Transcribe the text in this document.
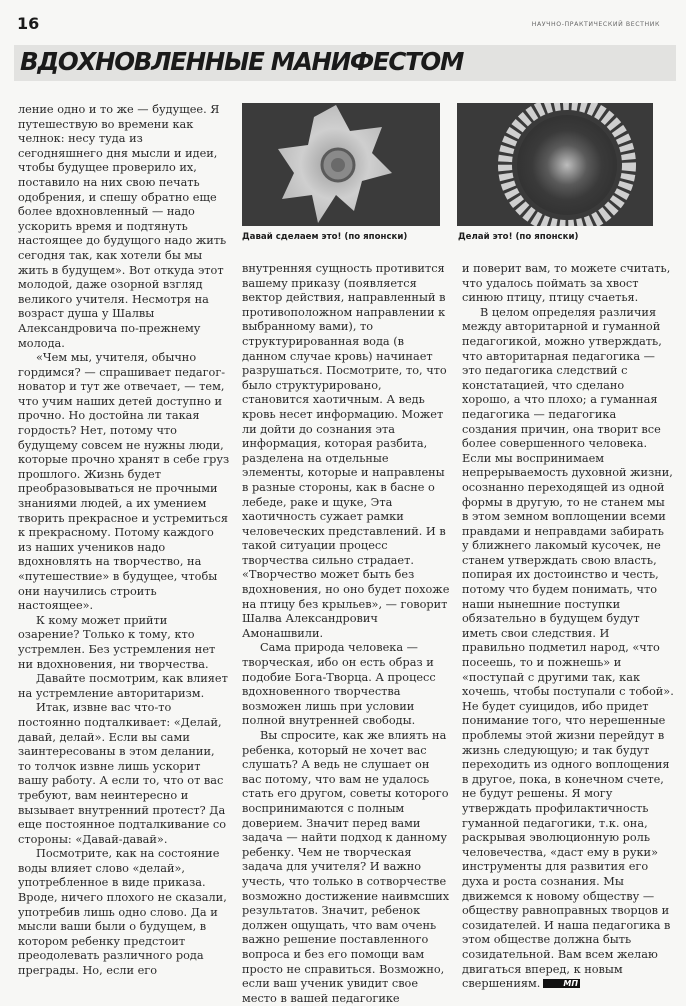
16	НАУЧНО-ПРАКТИЧЕСКИЙ ВЕСТНИК
ВДОХНОВЛЕННЫЕ МАНИФЕСТОМ

ление одно и то же — будущее. Я путешествую во времени как челнок: несу туда из сегодняшнего дня мысли и идеи, чтобы будущее проверило их, поставило на них свою печать одобрения, и спешу обратно еще более вдохновленный — надо ускорить время и подтянуть настоящее до будущого надо жить сегодня так, как хотели бы мы жить в будущем». Вот откуда этот молодой, даже озорной взгляд великого учителя. Несмотря на возраст душа у Шалвы Александровича по-прежнему молода.

«Чем мы, учителя, обычно гордимся? — спрашивает педагог-новатор и тут же отвечает, — тем, что учим наших детей доступно и прочно. Но достойна ли такая гордость? Нет, потому что будущему совсем не нужны люди, которые прочно хранят в себе груз прошлого. Жизнь будет преобразовываться не прочными знаниями людей, а их умением творить прекрасное и устремиться к прекрасному. Потому каждого из наших учеников надо вдохновлять на творчество, на «путешествие» в будущее, чтобы они научились строить настоящее».

К кому может прийти озарение? Только к тому, кто устремлен. Без устремления нет ни вдохновения, ни творчества.

Давайте посмотрим, как влияет на устремление авторитаризм.

Итак, извне вас что-то постоянно подталкивает: «Делай, давай, делай». Если вы сами заинтересованы в этом делании, то толчок извне лишь ускорит вашу работу. А если то, что от вас требуют, вам неинтересно и вызывает внутренний протест? Да еще постоянное подталкивание со стороны: «Давай-давай».

Посмотрите, как на состояние воды влияет слово «делай», употребленное в виде приказа. Вроде, ничего плохого не сказали, употребив лишь одно слово. Да и мысли ваши были о будущем, в котором ребенку предстоит преодолевать различного рода преграды. Но, если его

Давай сделаем это! (по японски)	Делай это! (по японски)

внутренняя сущность противится вашему приказу (появляется вектор действия, направленный в противоположном направлении к выбранному вами), то структурированная вода (в данном случае кровь) начинает разрушаться. Посмотрите, то, что было структурировано, становится хаотичным. А ведь кровь несет информацию. Может ли дойти до сознания эта информация, которая разбита, разделена на отдельные элементы, которые и направлены в разные стороны, как в басне о лебеде, раке и щуке, Эта хаотичность сужает рамки человеческих представлений. И в такой ситуации процесс творчества сильно страдает. «Творчество может быть без вдохновения, но оно будет похоже на птицу без крыльев», — говорит Шалва Александрович Амонашвили.

Сама природа человека — творческая, ибо он есть образ и подобие Бога-Творца. А процесс вдохновенного творчества возможен лишь при условии полной внутренней свободы.

Вы спросите, как же влиять на ребенка, который не хочет вас слушать? А ведь не слушает он вас потому, что вам не удалось стать его другом, советы которого воспринимаются с полным доверием. Значит перед вами задача — найти подход к данному ребенку. Чем не творческая задача для учителя? И важно учесть, что только в сотворчестве возможно достижение наивмсших результатов. Значит, ребенок должен ощущать, что вам очень важно решение поставленного вопроса и без его помощи вам просто не справиться. Возможно, если ваш ученик увидит свое место в вашей педагогике

и поверит вам, то можете считать, что удалось поймать за хвост синюю птицу, птицу счаетья.

В целом определяя различия между авторитарной и гуманной педагогикой, можно утверждать, что авторитарная педагогика — это педагогика следствий с констатацией, что сделано хорошо, а что плохо; а гуманная педагогика — педагогика создания причин, она творит все более совершенного человека. Если мы воспринимаем непрерываемость духовной жизни, осознанно переходящей из одной формы в другую, то не станем мы в этом земном воплощении всеми правдами и неправдами забирать у ближнего лакомый кусочек, не станем утверждать свою власть, попирая их достоинство и честь, потому что будем понимать, что наши нынешние поступки обязательно в будущем будут иметь свои следствия. И правильно подметил народ, «что посеешь, то и пожнешь» и «поступай с другими так, как хочешь, чтобы поступали с тобой». Не будет суицидов, ибо придет понимание того, что нерешенные проблемы этой жизни перейдут в жизнь следующую; и так будут переходить из одного воплощения в другое, пока, в конечном счете, не будут решены. Я могу утверждать профилактичность гуманной педагогики, т.к. она, раскрывая эволюционную роль человечества, «даст ему в руки» инструменты для развития его духа и роста сознания. Мы движемся к новому обществу — обществу равноправных творцов и созидателей. И наша педагогика в этом обществе должна быть созидательной. Вам всем желаю двигаться вперед, к новым свершениям.	МП
